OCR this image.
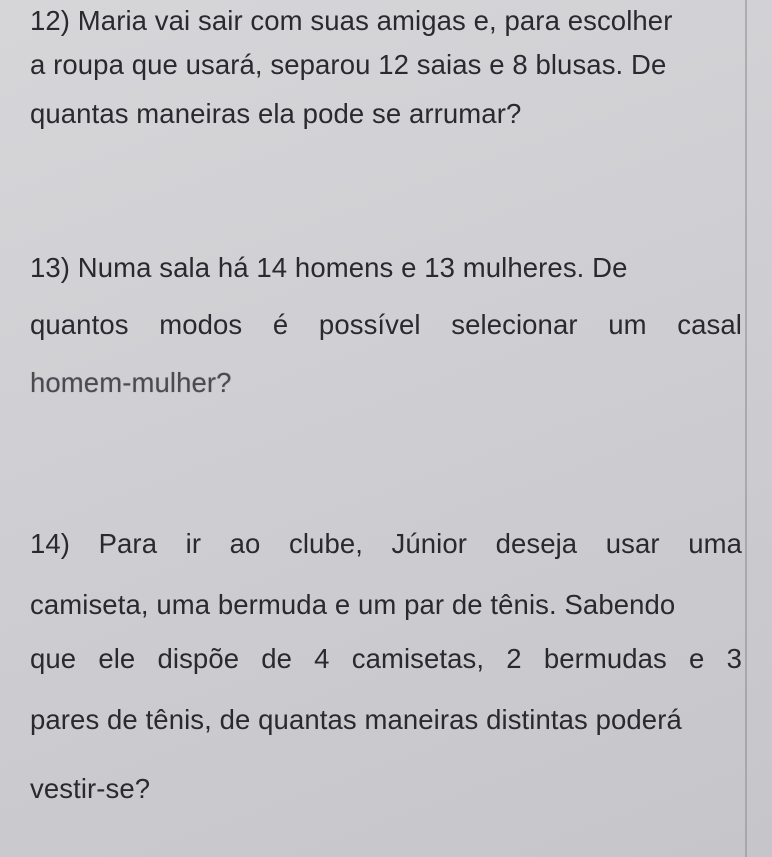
12) Maria vai sair com suas amigas e, para escolher
a roupa que usará, separou 12 saias e 8 blusas. De
quantas maneiras ela pode se arrumar?
13) Numa sala há 14 homens e 13 mulheres. De
quantos modos é possível selecionar um casal
homem-mulher?
14) Para ir ao clube, Júnior deseja usar uma
camiseta, uma bermuda e um par de tênis. Sabendo
que ele dispõe de 4 camisetas, 2 bermudas e 3
pares de tênis, de quantas maneiras distintas poderá
vestir-se?
